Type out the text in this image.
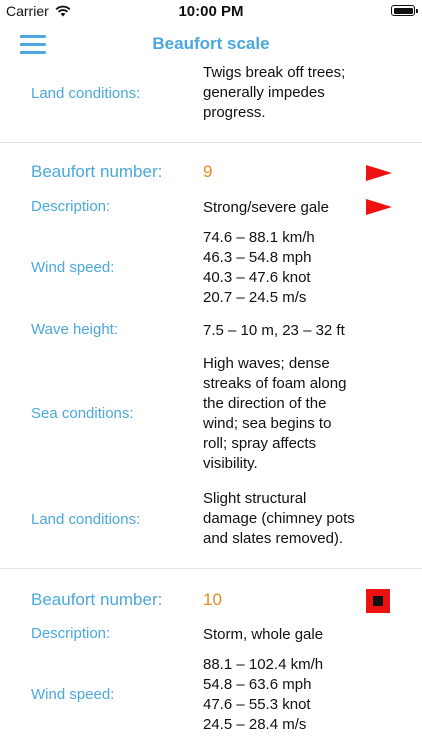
Carrier	10:00 PM
Beaufort scale
Land conditions:
Twigs break off trees;
generally impedes
progress.
Beaufort number: 9
Description:	Strong/severe gale
Wind speed:
74.6 – 88.1 km/h
46.3 – 54.8 mph
40.3 – 47.6 knot
20.7 – 24.5 m/s
Wave height:	7.5 – 10 m, 23 – 32 ft
Sea conditions:
High waves; dense
streaks of foam along
the direction of the
wind; sea begins to
roll; spray affects
visibility.
Land conditions:
Slight structural
damage (chimney pots
and slates removed).
Beaufort number: 10
Description:	Storm, whole gale
Wind speed:
88.1 – 102.4 km/h
54.8 – 63.6 mph
47.6 – 55.3 knot
24.5 – 28.4 m/s
